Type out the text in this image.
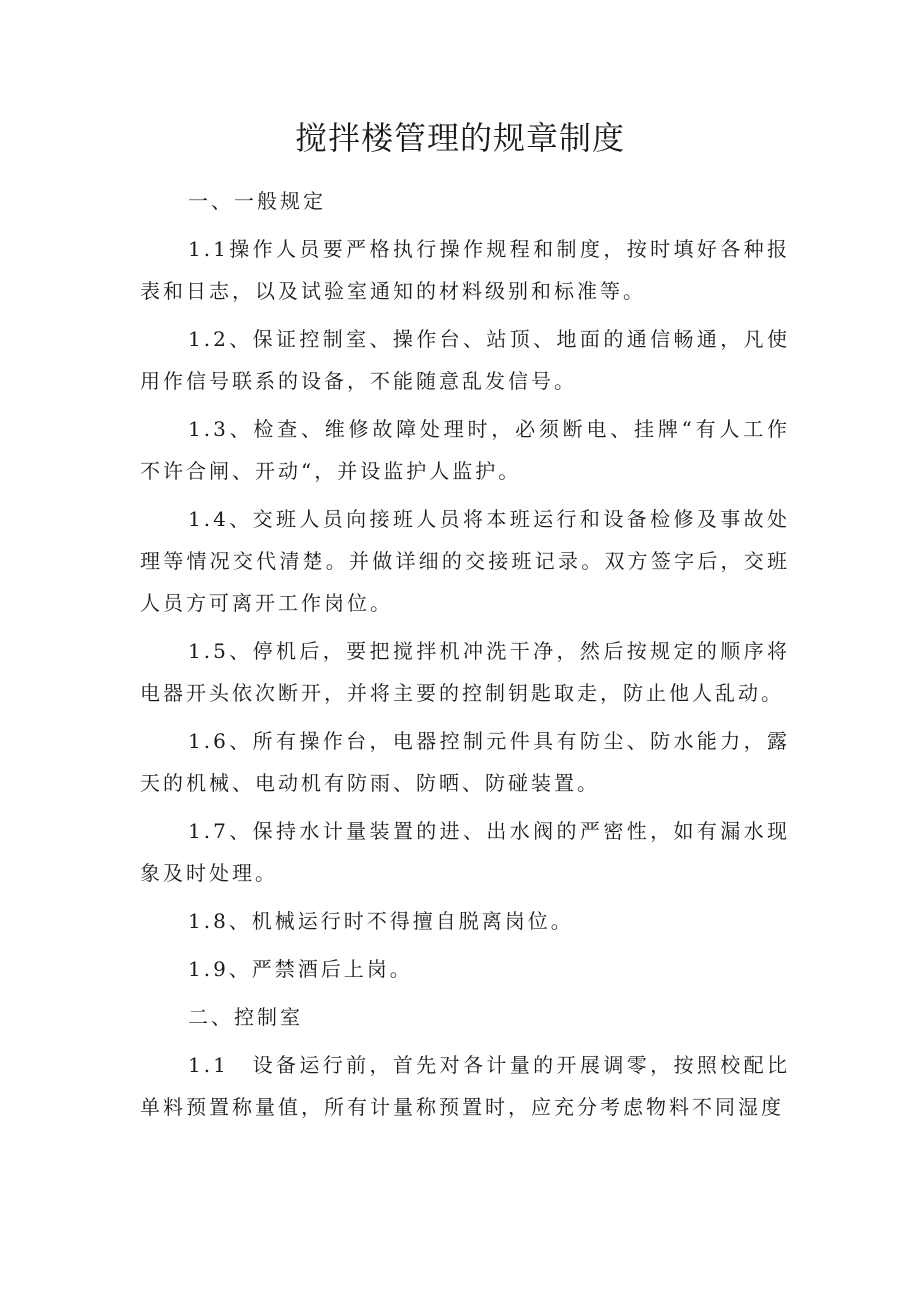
搅拌楼管理的规章制度

一、一般规定

1.1操作人员要严格执行操作规程和制度，按时填好各种报表和日志，以及试验室通知的材料级别和标准等。

1.2、保证控制室、操作台、站顶、地面的通信畅通，凡使用作信号联系的设备，不能随意乱发信号。

1.3、检查、维修故障处理时，必须断电、挂牌“有人工作不许合闸、开动“，并设监护人监护。

1.4、交班人员向接班人员将本班运行和设备检修及事故处理等情况交代清楚。并做详细的交接班记录。双方签字后，交班人员方可离开工作岗位。

1.5、停机后，要把搅拌机冲洗干净，然后按规定的顺序将电器开头依次断开，并将主要的控制钥匙取走，防止他人乱动。

1.6、所有操作台，电器控制元件具有防尘、防水能力，露天的机械、电动机有防雨、防晒、防碰装置。

1.7、保持水计量装置的进、出水阀的严密性，如有漏水现象及时处理。

1.8、机械运行时不得擅自脱离岗位。

1.9、严禁酒后上岗。

二、控制室

1.1　设备运行前，首先对各计量的开展调零，按照校配比单料预置称量值，所有计量称预置时，应充分考虑物料不同湿度
